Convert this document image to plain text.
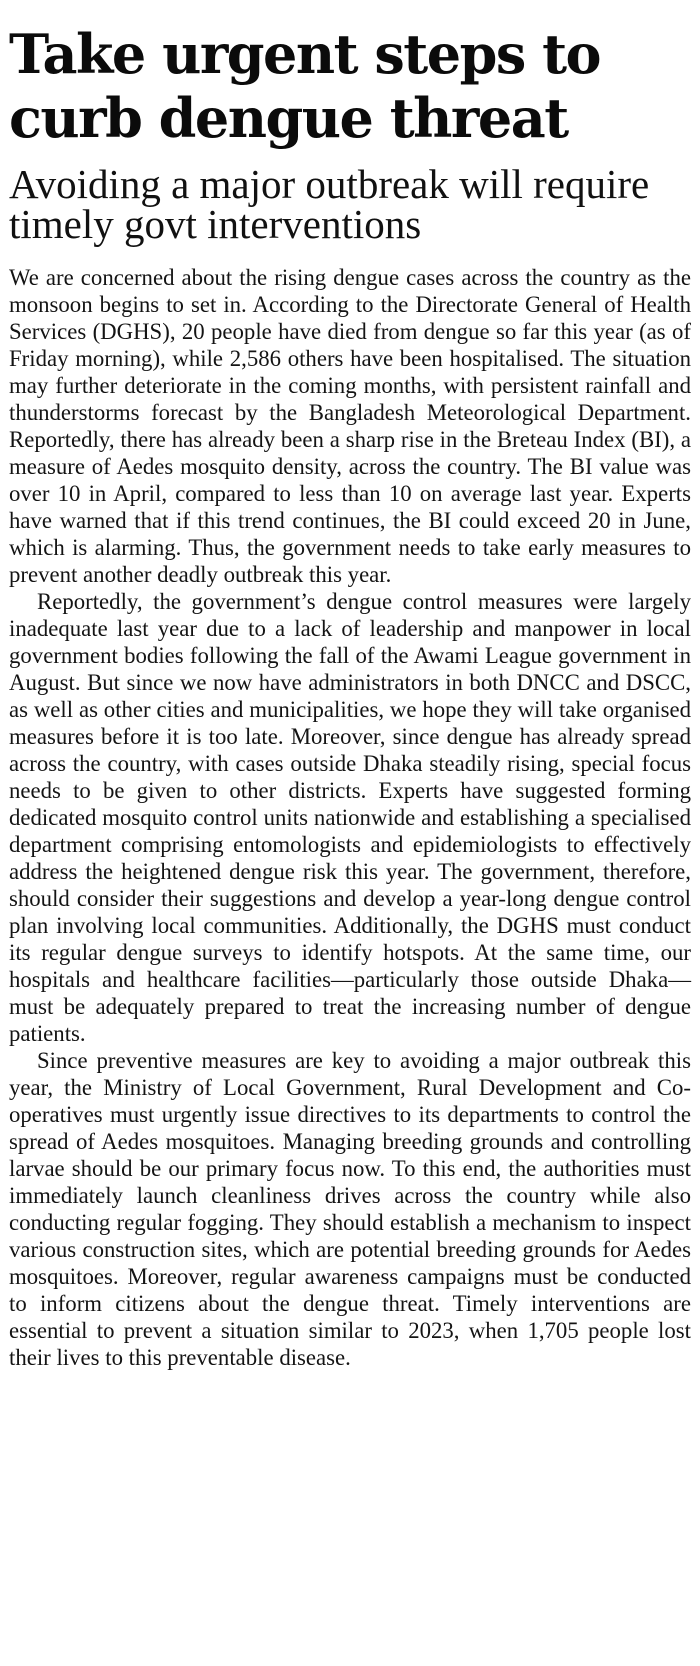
Take urgent steps to curb dengue threat
Avoiding a major outbreak will require timely govt interventions

We are concerned about the rising dengue cases across the country as the monsoon begins to set in. According to the Directorate General of Health Services (DGHS), 20 people have died from dengue so far this year (as of Friday morning), while 2,586 others have been hospitalised. The situation may further deteriorate in the coming months, with persistent rainfall and thunderstorms forecast by the Bangladesh Meteorological Department. Reportedly, there has already been a sharp rise in the Breteau Index (BI), a measure of Aedes mosquito density, across the country. The BI value was over 10 in April, compared to less than 10 on average last year. Experts have warned that if this trend continues, the BI could exceed 20 in June, which is alarming. Thus, the government needs to take early measures to prevent another deadly outbreak this year.

Reportedly, the government’s dengue control measures were largely inadequate last year due to a lack of leadership and manpower in local government bodies following the fall of the Awami League government in August. But since we now have administrators in both DNCC and DSCC, as well as other cities and municipalities, we hope they will take organised measures before it is too late. Moreover, since dengue has already spread across the country, with cases outside Dhaka steadily rising, special focus needs to be given to other districts. Experts have suggested forming dedicated mosquito control units nationwide and establishing a specialised department comprising entomologists and epidemiologists to effectively address the heightened dengue risk this year. The government, therefore, should consider their suggestions and develop a year-long dengue control plan involving local communities. Additionally, the DGHS must conduct its regular dengue surveys to identify hotspots. At the same time, our hospitals and healthcare facilities—particularly those outside Dhaka—must be adequately prepared to treat the increasing number of dengue patients.

Since preventive measures are key to avoiding a major outbreak this year, the Ministry of Local Government, Rural Development and Co-operatives must urgently issue directives to its departments to control the spread of Aedes mosquitoes. Managing breeding grounds and controlling larvae should be our primary focus now. To this end, the authorities must immediately launch cleanliness drives across the country while also conducting regular fogging. They should establish a mechanism to inspect various construction sites, which are potential breeding grounds for Aedes mosquitoes. Moreover, regular awareness campaigns must be conducted to inform citizens about the dengue threat. Timely interventions are essential to prevent a situation similar to 2023, when 1,705 people lost their lives to this preventable disease.
